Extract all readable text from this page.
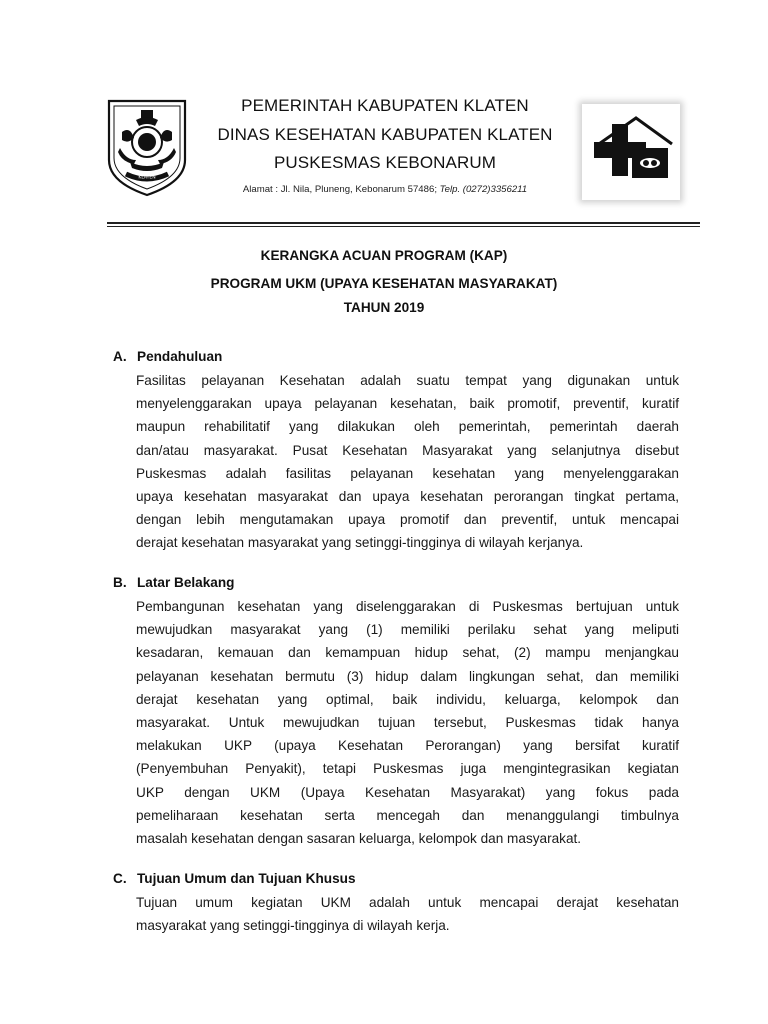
KLATEN
PEMERINTAH KABUPATEN KLATEN
DINAS KESEHATAN KABUPATEN KLATEN
PUSKESMAS KEBONARUM
Alamat : Jl. Nila, Pluneng, Kebonarum 57486; Telp. (0272)3356211
KERANGKA ACUAN PROGRAM (KAP)
PROGRAM UKM (UPAYA KESEHATAN MASYARAKAT)
TAHUN 2019
A. Pendahuluan
Fasilitas pelayanan Kesehatan adalah suatu tempat yang digunakan untuk
menyelenggarakan upaya pelayanan kesehatan, baik promotif, preventif, kuratif
maupun rehabilitatif yang dilakukan oleh pemerintah, pemerintah daerah
dan/atau masyarakat. Pusat Kesehatan Masyarakat yang selanjutnya disebut
Puskesmas adalah fasilitas pelayanan kesehatan yang menyelenggarakan
upaya kesehatan masyarakat dan upaya kesehatan perorangan tingkat pertama,
dengan lebih mengutamakan upaya promotif dan preventif, untuk mencapai
derajat kesehatan masyarakat yang setinggi-tingginya di wilayah kerjanya.
B. Latar Belakang
Pembangunan kesehatan yang diselenggarakan di Puskesmas bertujuan untuk
mewujudkan masyarakat yang (1) memiliki perilaku sehat yang meliputi
kesadaran, kemauan dan kemampuan hidup sehat, (2) mampu menjangkau
pelayanan kesehatan bermutu (3) hidup dalam lingkungan sehat, dan memiliki
derajat kesehatan yang optimal, baik individu, keluarga, kelompok dan
masyarakat. Untuk mewujudkan tujuan tersebut, Puskesmas tidak hanya
melakukan UKP (upaya Kesehatan Perorangan) yang bersifat kuratif
(Penyembuhan Penyakit), tetapi Puskesmas juga mengintegrasikan kegiatan
UKP dengan UKM (Upaya Kesehatan Masyarakat) yang fokus pada
pemeliharaan kesehatan serta mencegah dan menanggulangi timbulnya
masalah kesehatan dengan sasaran keluarga, kelompok dan masyarakat.
C. Tujuan Umum dan Tujuan Khusus
Tujuan umum kegiatan UKM adalah untuk mencapai derajat kesehatan
masyarakat yang setinggi-tingginya di wilayah kerja.
